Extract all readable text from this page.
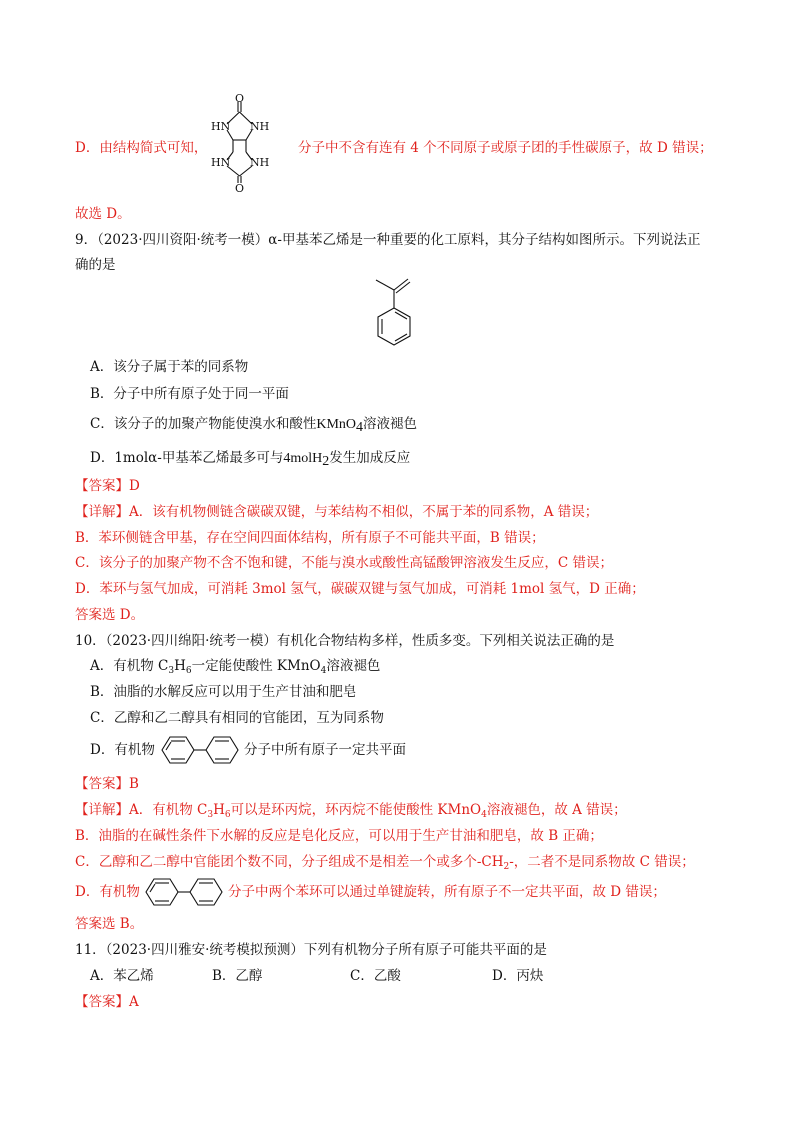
D．由结构简式可知，
O
HN NH
HN NH
O
分子中不含有连有 4 个不同原子或原子团的手性碳原子，故 D 错误；
故选 D。
9．（2023·四川资阳·统考一模）α-甲基苯乙烯是一种重要的化工原料，其分子结构如图所示。下列说法正
确的是
A．该分子属于苯的同系物
B．分子中所有原子处于同一平面
C．该分子的加聚产物能使溴水和酸性KMnO4溶液褪色
D．1molα-甲基苯乙烯最多可与4molH2发生加成反应
【答案】D
【详解】A．该有机物侧链含碳碳双键，与苯结构不相似，不属于苯的同系物，A 错误；
B．苯环侧链含甲基，存在空间四面体结构，所有原子不可能共平面，B 错误；
C．该分子的加聚产物不含不饱和键，不能与溴水或酸性高锰酸钾溶液发生反应，C 错误；
D．苯环与氢气加成，可消耗 3mol 氢气，碳碳双键与氢气加成，可消耗 1mol 氢气，D 正确；
答案选 D。
10．（2023·四川绵阳·统考一模）有机化合物结构多样，性质多变。下列相关说法正确的是
A．有机物 $C_3H_6$一定能使酸性 KMnO$_4$溶液褪色
B．油脂的水解反应可以用于生产甘油和肥皂
C．乙醇和乙二醇具有相同的官能团，互为同系物
D．有机物	分子中所有原子一定共平面
【答案】B
【详解】A．有机物 $C_3H_6$可以是环丙烷，环丙烷不能使酸性 KMnO$_4$溶液褪色，故 A 错误；
B．油脂的在碱性条件下水解的反应是皂化反应，可以用于生产甘油和肥皂，故 B 正确；
C．乙醇和乙二醇中官能团个数不同，分子组成不是相差一个或多个$-CH_2-$，二者不是同系物故 C 错误；
D．有机物	分子中两个苯环可以通过单键旋转，所有原子不一定共平面，故 D 错误；
答案选 B。
11．（2023·四川雅安·统考模拟预测）下列有机物分子所有原子可能共平面的是
A．苯乙烯	B．乙醇	C．乙酸	D．丙炔
【答案】A
